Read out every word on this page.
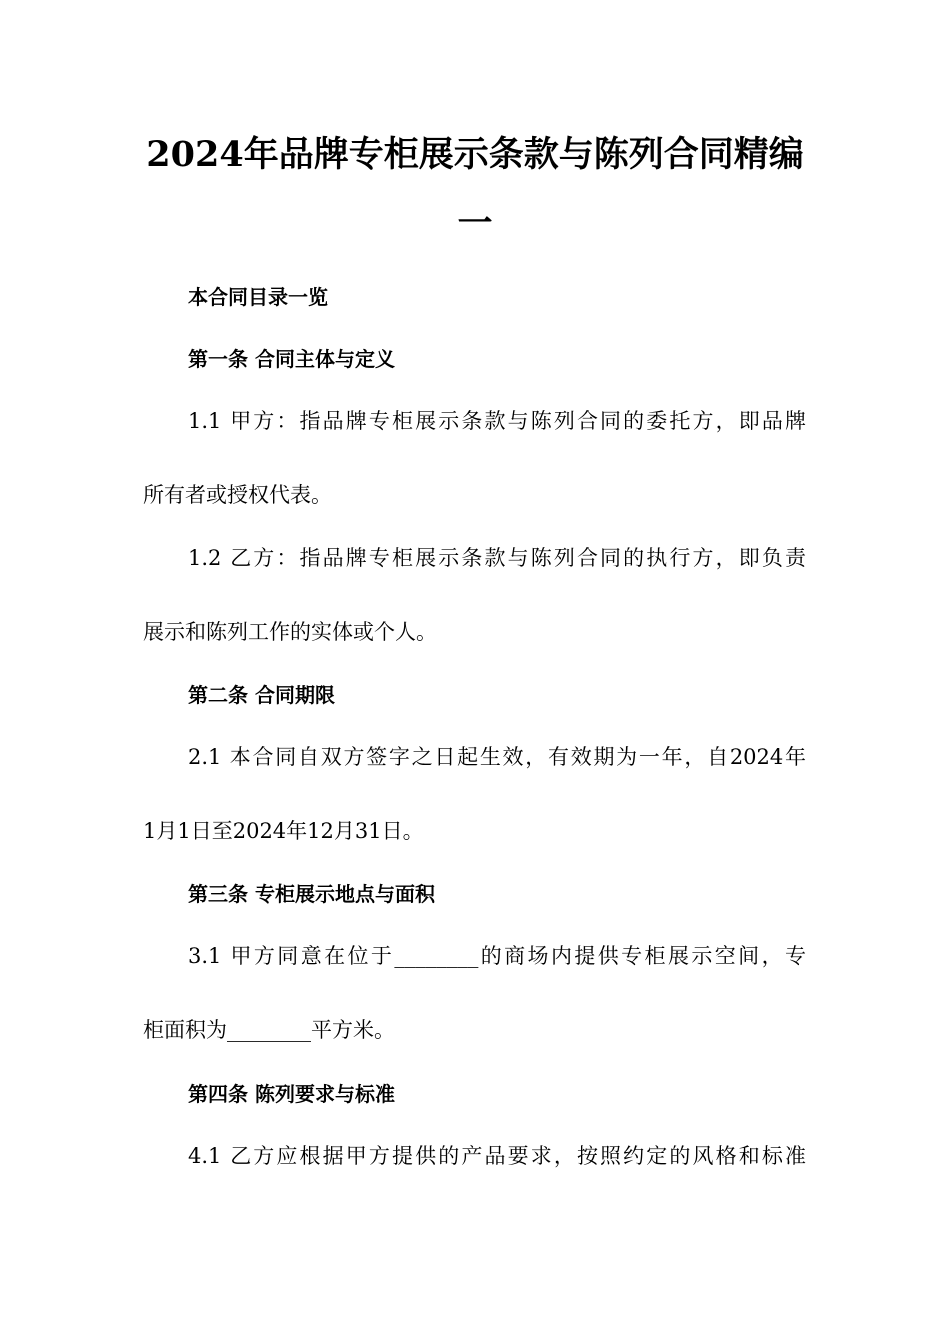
2024年品牌专柜展示条款与陈列合同精编
一
本合同目录一览
第一条 合同主体与定义
1.1 甲方：指品牌专柜展示条款与陈列合同的委托方，即品牌
所有者或授权代表。
1.2 乙方：指品牌专柜展示条款与陈列合同的执行方，即负责
展示和陈列工作的实体或个人。
第二条 合同期限
2.1 本合同自双方签字之日起生效，有效期为一年，自2024年
1月1日至2024年12月31日。
第三条 专柜展示地点与面积
3.1 甲方同意在位于________的商场内提供专柜展示空间，专
柜面积为________平方米。
第四条 陈列要求与标准
4.1 乙方应根据甲方提供的产品要求，按照约定的风格和标准
